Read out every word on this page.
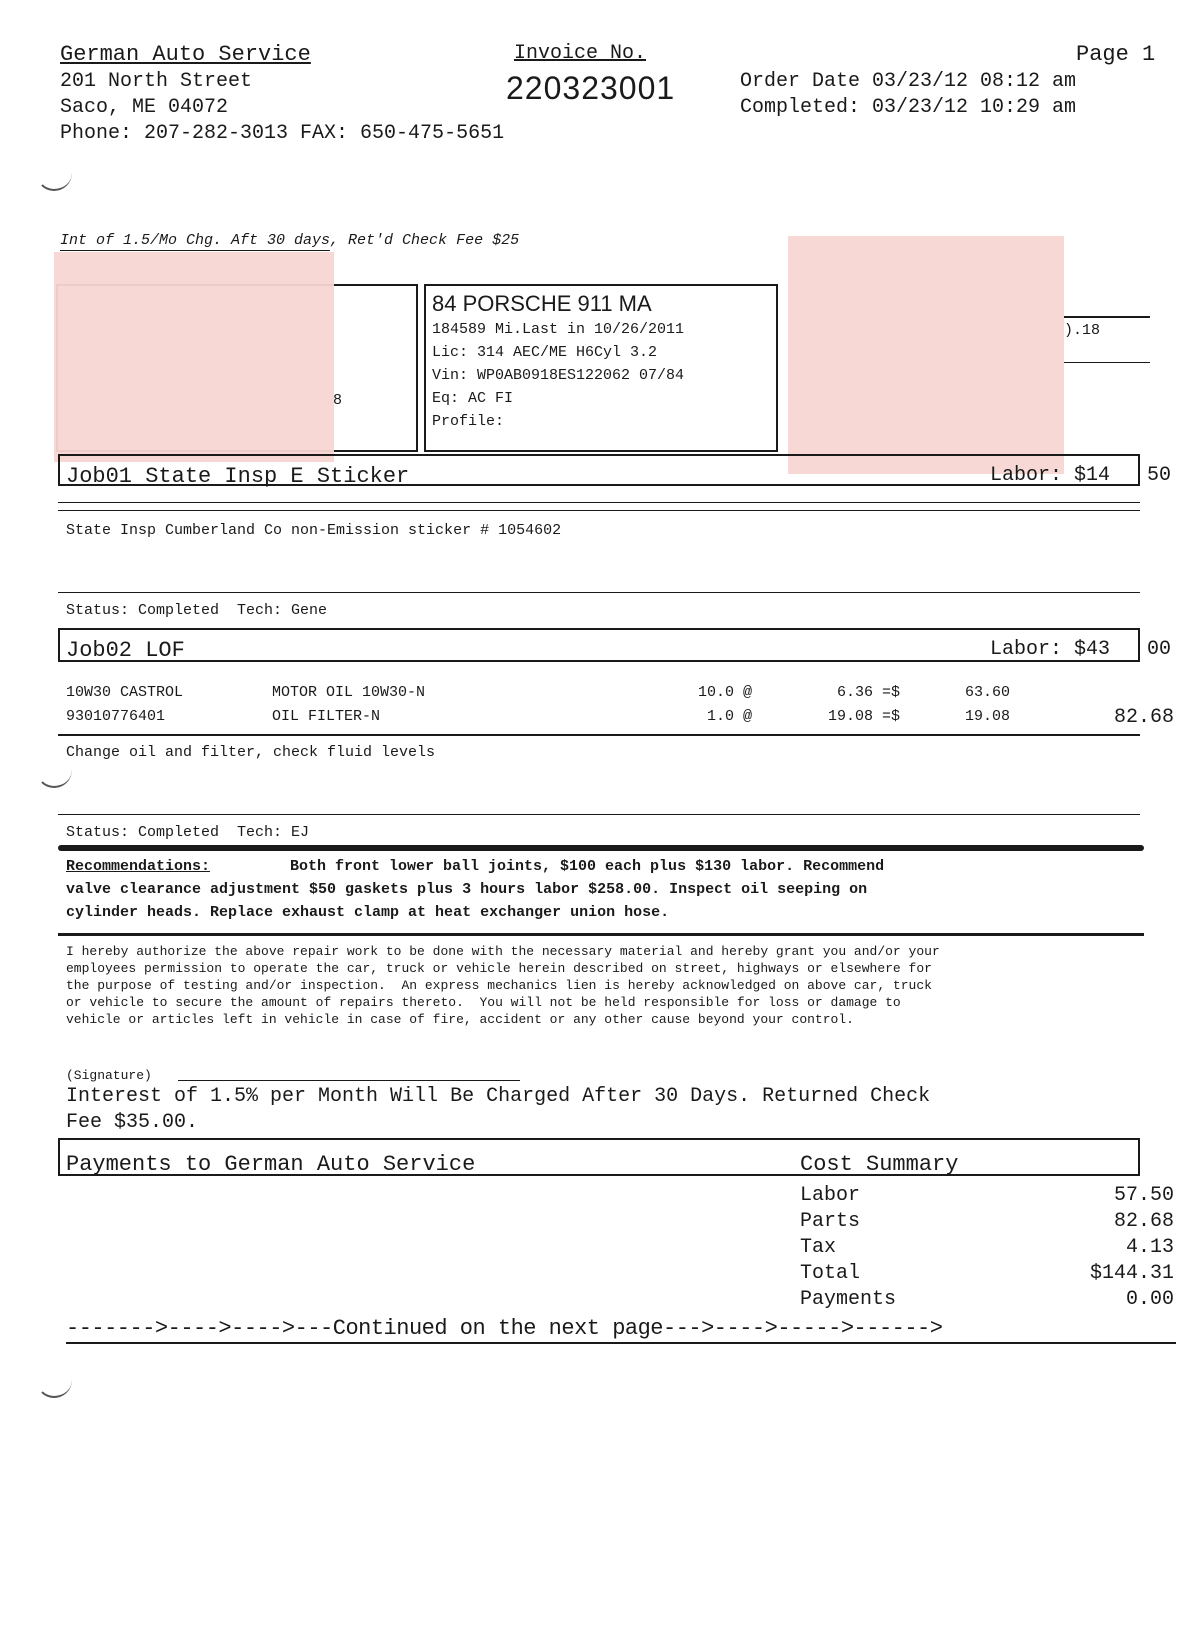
German Auto Service
201 North Street
Saco, ME 04072
Phone: 207-282-3013 FAX: 650-475-5651
Invoice No.
220323001
Page 1
Order Date 03/23/12 08:12 am
Completed: 03/23/12 10:29 am
Int of 1.5/Mo Chg. Aft 30 days, Ret'd Check Fee $25
8
84 PORSCHE 911 MA
184589 Mi.Last in 10/26/2011
Lic: 314 AEC/ME H6Cyl 3.2
Vin: WP0AB0918ES122062 07/84
Eq: AC FI
Profile:
).18
Job01 State Insp E Sticker	Labor: $14 50
State Insp Cumberland Co non-Emission sticker # 1054602
Status: Completed  Tech: Gene
Job02 LOF	Labor: $43 00
10W30 CASTROL	MOTOR OIL 10W30-N	10.0 @	6.36 =$	63.60
93010776401	OIL FILTER-N	1.0 @	19.08 =$	19.08	82.68
Change oil and filter, check fluid levels
Status: Completed  Tech: EJ
Recommendations:	Both front lower ball joints, $100 each plus $130 labor. Recommend
valve clearance adjustment $50 gaskets plus 3 hours labor $258.00. Inspect oil seeping on
cylinder heads. Replace exhaust clamp at heat exchanger union hose.
I hereby authorize the above repair work to be done with the necessary material and hereby grant you and/or your
employees permission to operate the car, truck or vehicle herein described on street, highways or elsewhere for
the purpose of testing and/or inspection.  An express mechanics lien is hereby acknowledged on above car, truck
or vehicle to secure the amount of repairs thereto.  You will not be held responsible for loss or damage to
vehicle or articles left in vehicle in case of fire, accident or any other cause beyond your control.
(Signature)
Interest of 1.5% per Month Will Be Charged After 30 Days. Returned Check
Fee $35.00.
Payments to German Auto Service	Cost Summary
Labor	57.50
Parts	82.68
Tax	4.13
Total	$144.31
Payments	0.00
------->---->---->---Continued on the next page--->---->----->------>
